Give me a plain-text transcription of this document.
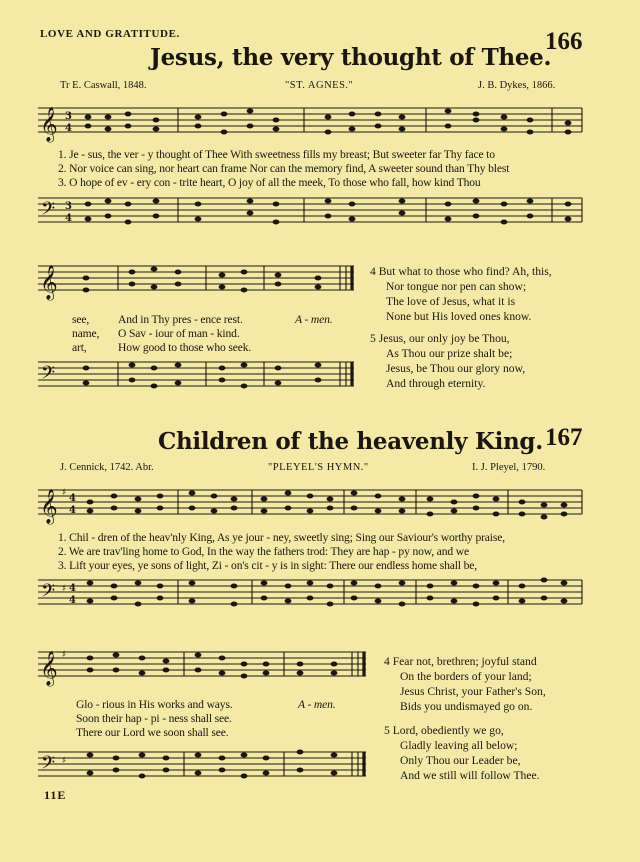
LOVE AND GRATITUDE.
11E
166
Jesus, the very thought of Thee.
Tr E. Caswall, 1848.	"ST. AGNES."	J. B. Dykes, 1866.
𝄞 3
4
1. Je - sus, the ver - y thought of Thee With sweetness fills my breast; But sweeter far Thy face to
2. Nor voice can sing, nor heart can frame Nor can the memory find, A sweeter sound than Thy blest
3. O hope of ev - ery con - trite heart, O joy of all the meek, To those who fall, how kind Thou
𝄢 3
4
𝄞
see, And in Thy pres - ence rest.	A - men.
name, O Sav - iour of man - kind.
art,	How good to those who seek.
𝄢
4 But what to those who find? Ah, this,
Nor tongue nor pen can show;
The love of Jesus, what it is
None but His loved ones know.
5 Jesus, our only joy be Thou,
As Thou our prize shalt be;
Jesus, be Thou our glory now,
And through eternity.
167
Children of the heavenly King.
J. Cennick, 1742. Abr.	"PLEYEL'S HYMN."	I. J. Pleyel, 1790.
𝄞 ♯ 4
4
1. Chil - dren of the heav'nly King, As ye jour - ney, sweetly sing; Sing our Saviour's worthy praise,
2. We are trav'ling home to God, In the way the fathers trod: They are hap - py now, and we
3. Lift your eyes, ye sons of light, Zi - on's cit - y is in sight: There our endless home shall be,
𝄢 ♯ 4
4
𝄞 ♯
Glo - rious in His works and ways.	A - men.
Soon their hap - pi - ness shall see.
There our Lord we soon shall see.
𝄢 ♯
4 Fear not, brethren; joyful stand
On the borders of your land;
Jesus Christ, your Father's Son,
Bids you undismayed go on.
5 Lord, obediently we go,
Gladly leaving all below;
Only Thou our Leader be,
And we still will follow Thee.
